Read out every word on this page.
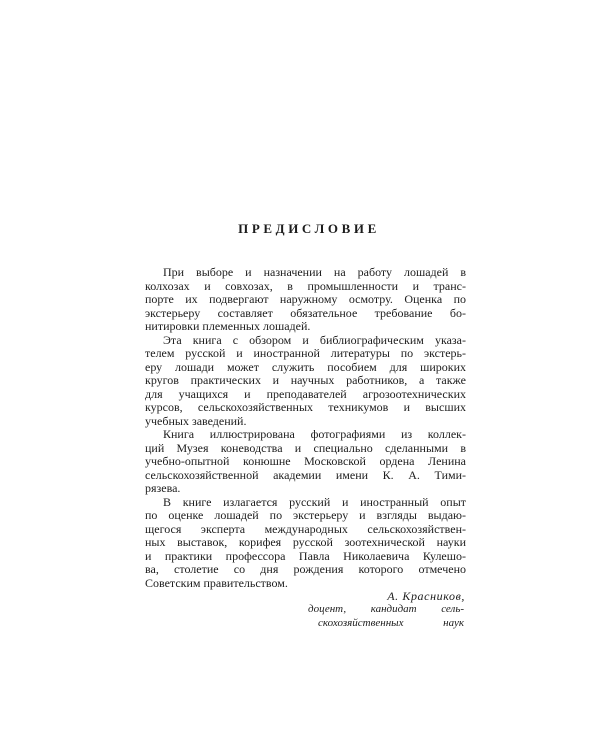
ПРЕДИСЛОВИЕ
При выборе и назначении на работу лошадей в
колхозах и совхозах, в промышленности и транс-
порте их подвергают наружному осмотру. Оценка по
экстерьеру составляет обязательное требование бо-
нитировки племенных лошадей.
Эта книга с обзором и библиографическим указа-
телем русской и иностранной литературы по экстерь-
еру лошади может служить пособием для широких
кругов практических и научных работников, а также
для учащихся и преподавателей агрозоотехнических
курсов, сельскохозяйственных техникумов и высших
учебных заведений.
Книга иллюстрирована фотографиями из коллек-
ций Музея коневодства и специально сделанными в
учебно-опытной конюшне Московской ордена Ленина
сельскохозяйственной академии имени К. А. Тими-
рязева.
В книге излагается русский и иностранный опыт
по оценке лошадей по экстерьеру и взгляды выдаю-
щегося эксперта международных сельскохозяйствен-
ных выставок, корифея русской зоотехнической науки
и практики профессора Павла Николаевича Кулешо-
ва, столетие со дня рождения которого отмечено
Советским правительством.
А. Красников,
доцент, кандидат сель-
скохозяйственных наук
